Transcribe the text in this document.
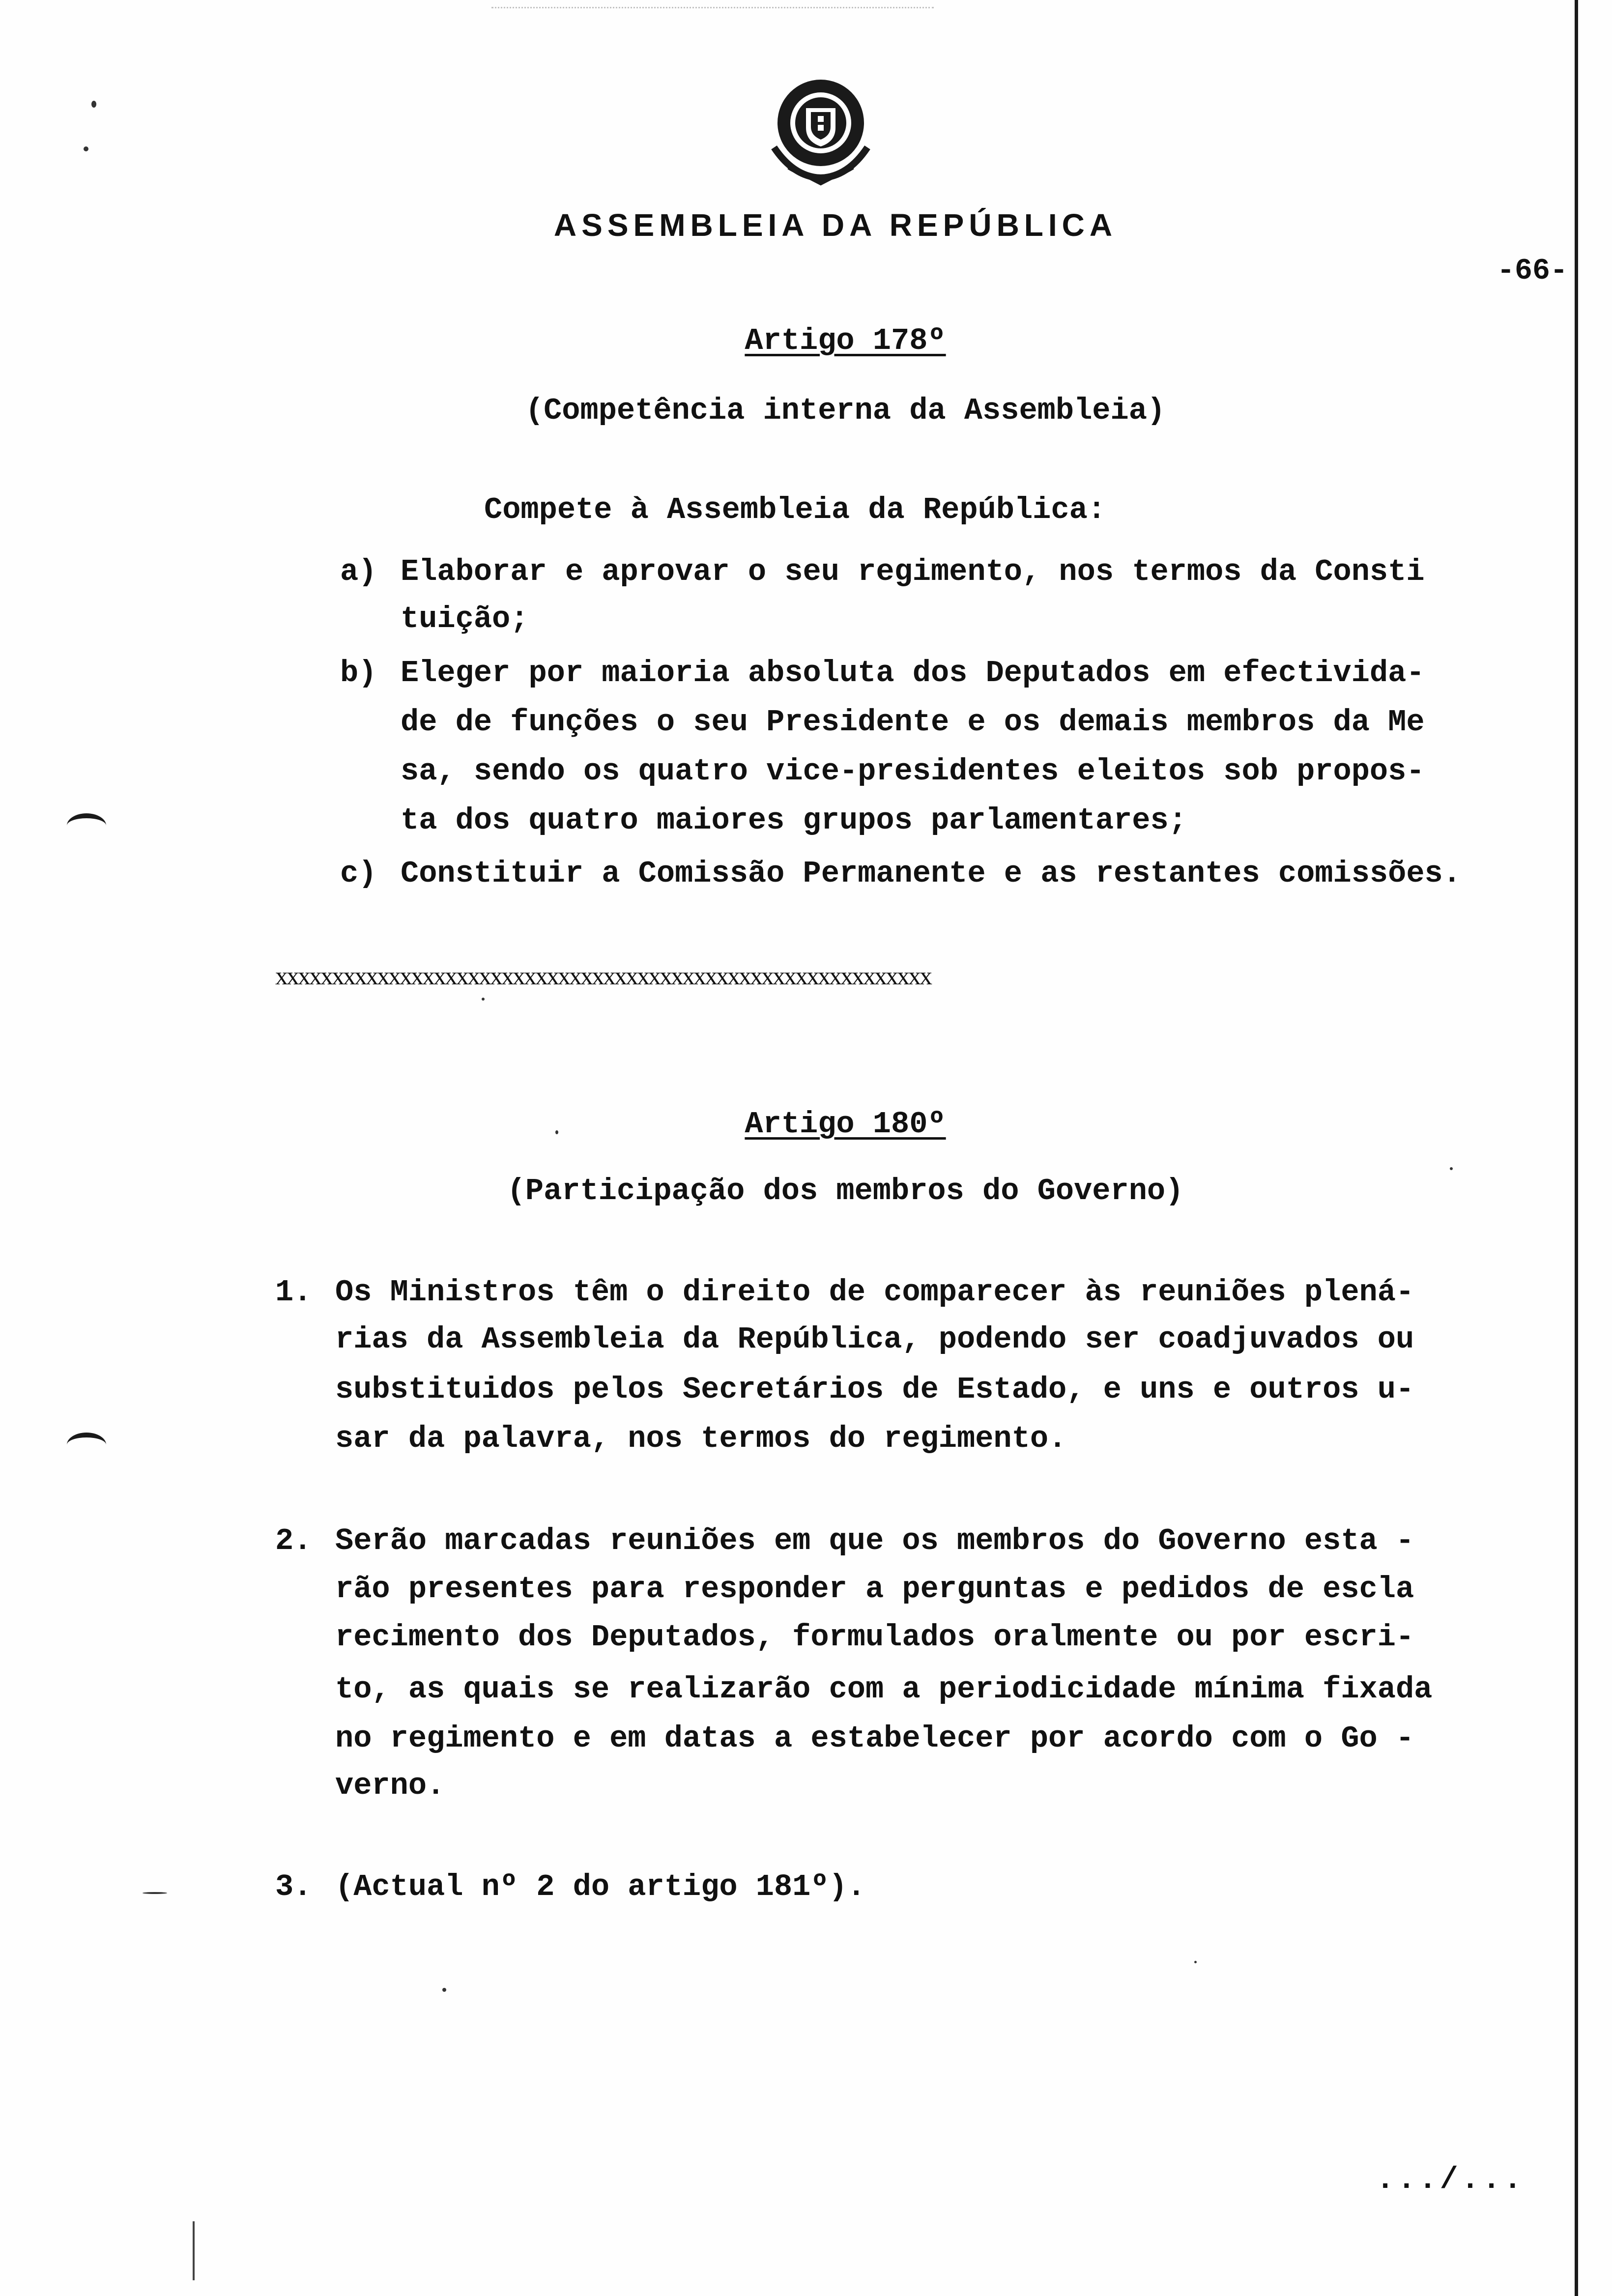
ASSEMBLEIA DA REPÚBLICA
-66-
Artigo 178º
(Competência interna da Assembleia)
Compete à Assembleia da República:
a) Elaborar e aprovar o seu regimento, nos termos da Consti
tuição;
b) Eleger por maioria absoluta dos Deputados em efectivida-
de de funções o seu Presidente e os demais membros da Me
sa, sendo os quatro vice-presidentes eleitos sob propos-
ta dos quatro maiores grupos parlamentares;
c) Constituir a Comissão Permanente e as restantes comissões.
xxxxxxxxxxxxxxxxxxxxxxxxxxxxxxxxxxxxxxxxxxxxxxxxxxxxxxxxxx
Artigo 180º
(Participação dos membros do Governo)
1. Os Ministros têm o direito de comparecer às reuniões plená-
rias da Assembleia da República, podendo ser coadjuvados ou
substituidos pelos Secretários de Estado, e uns e outros u-
sar da palavra, nos termos do regimento.
2. Serão marcadas reuniões em que os membros do Governo esta -
rão presentes para responder a perguntas e pedidos de escla
recimento dos Deputados, formulados oralmente ou por escri-
to, as quais se realizarão com a periodicidade mínima fixada
no regimento e em datas a estabelecer por acordo com o Go -
verno.
3. (Actual nº 2 do artigo 181º).
.../...
